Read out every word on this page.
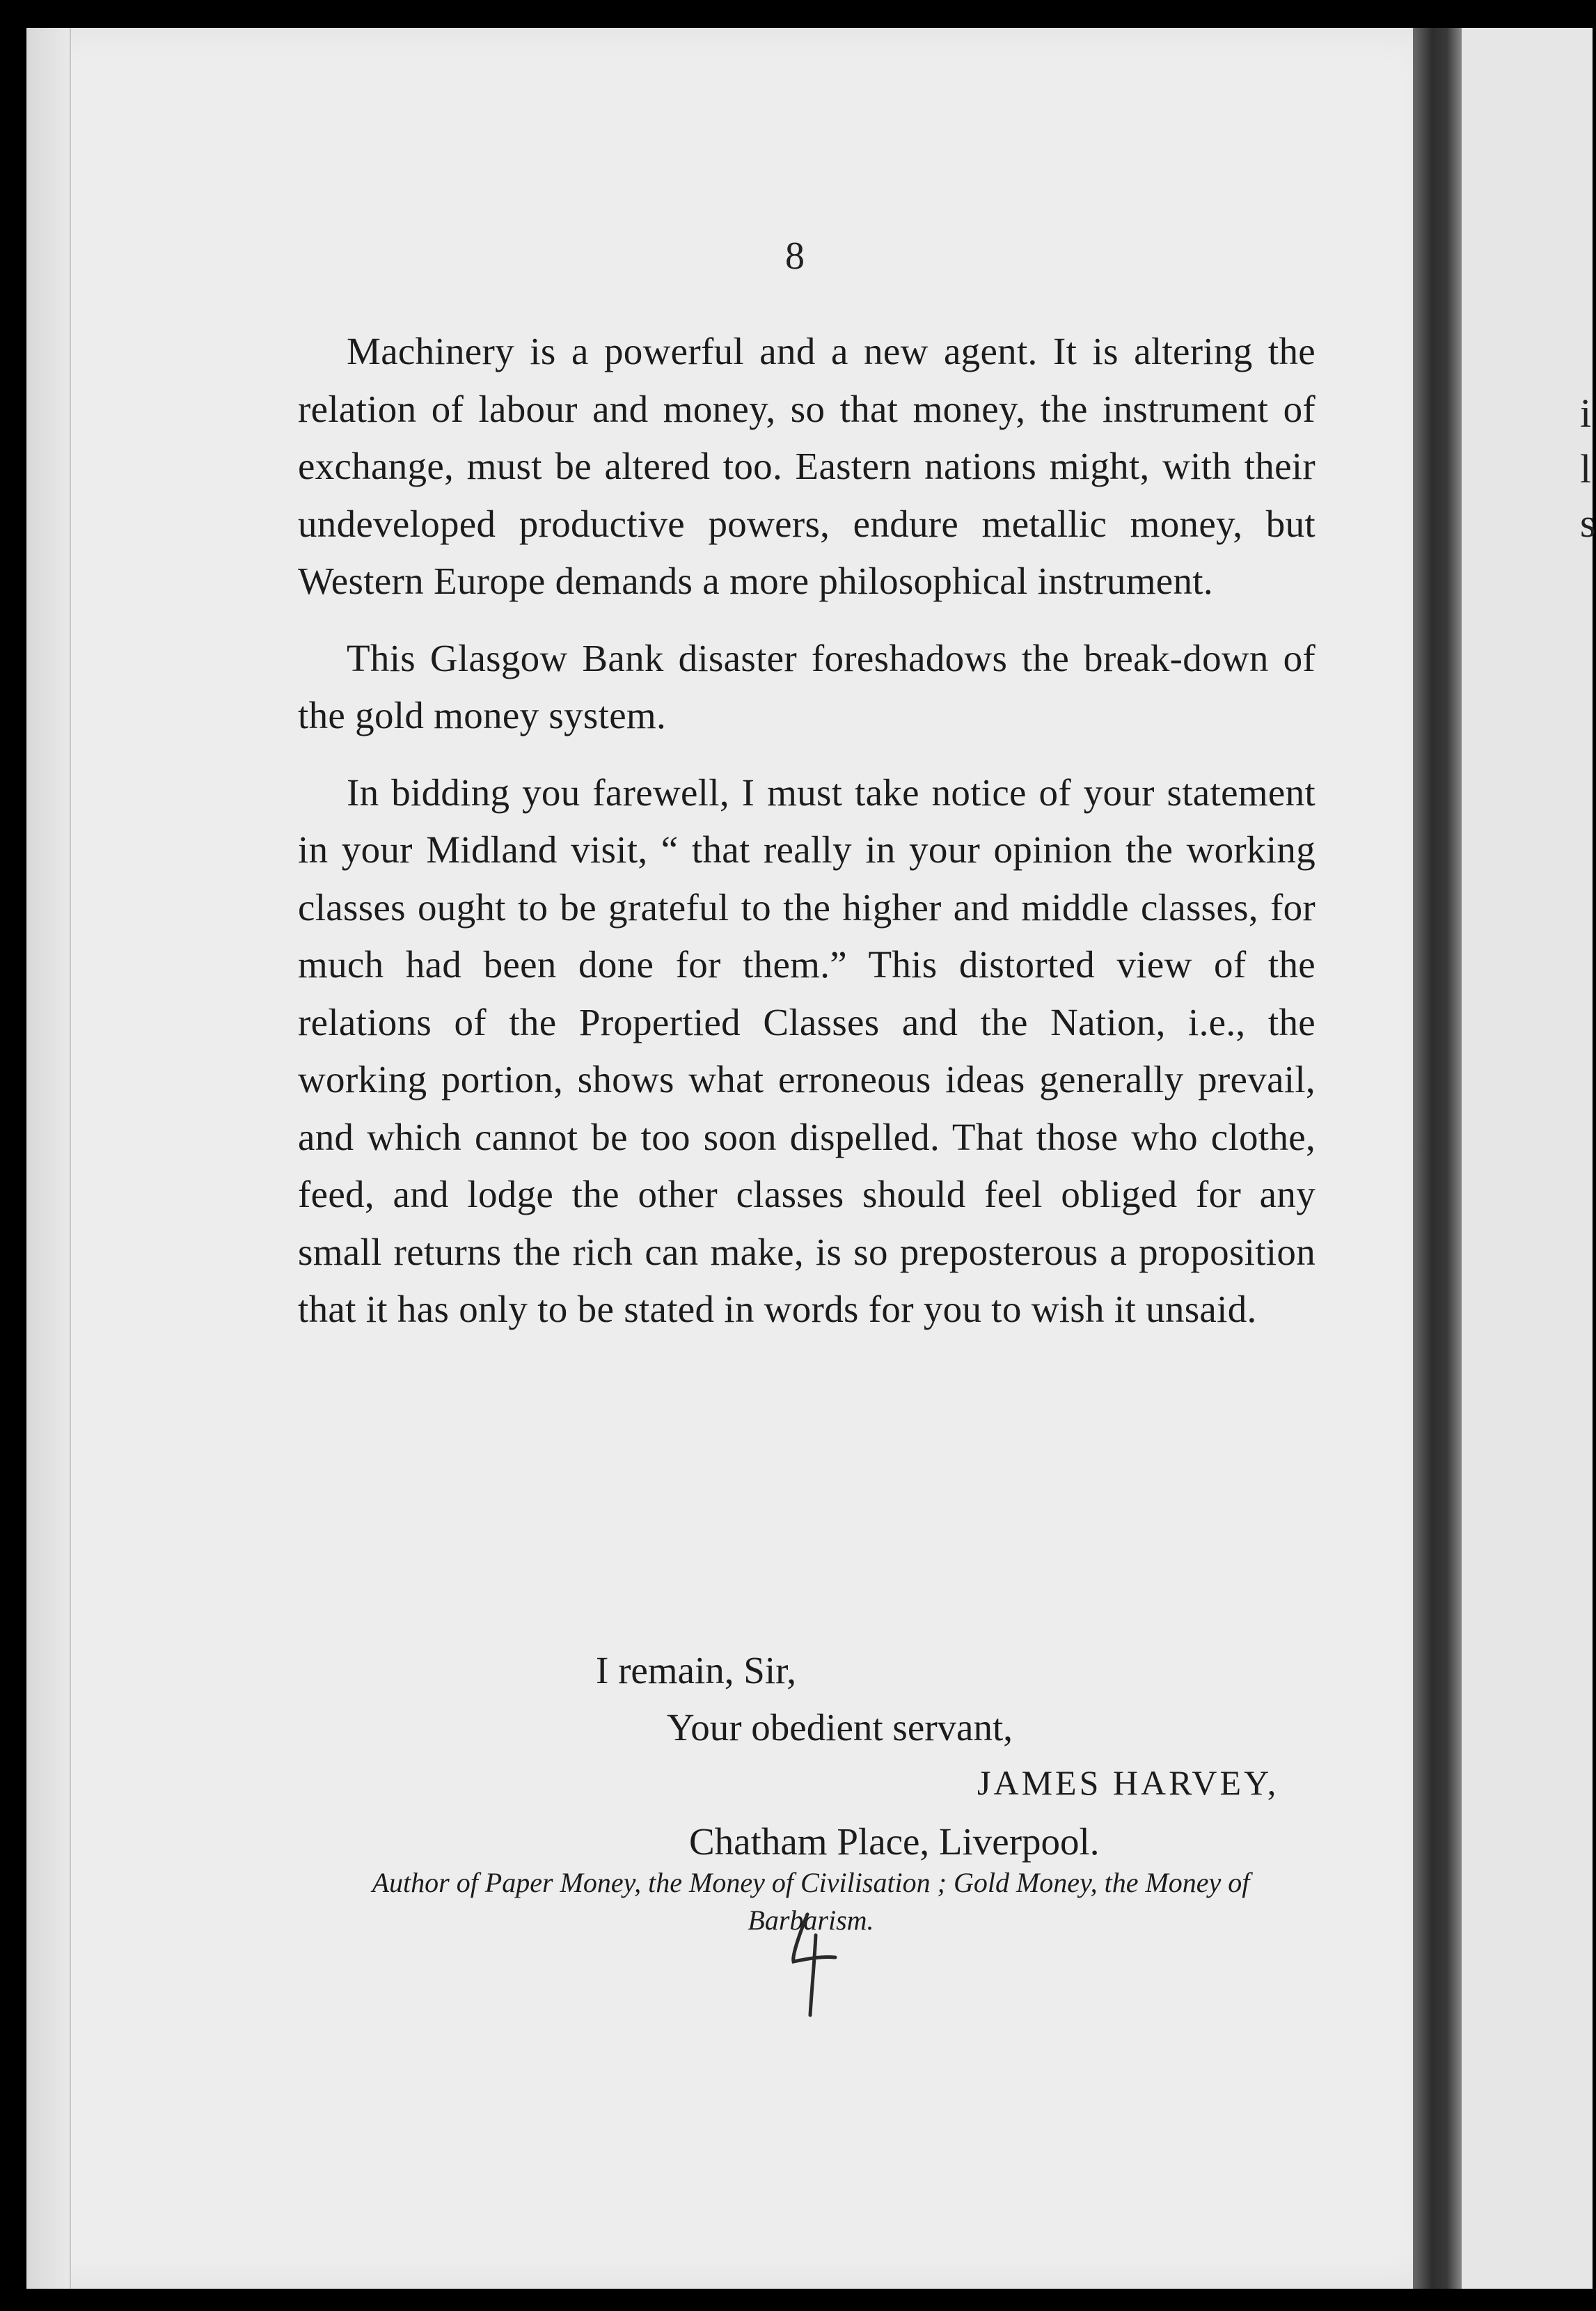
i
l
s
8

Machinery is a powerful and a new agent. It is altering the relation of labour and money, so that money, the instrument of exchange, must be altered too. Eastern nations might, with their undeveloped productive powers, endure metallic money, but Western Europe demands a more philosophical instrument.

This Glasgow Bank disaster foreshadows the break-down of the gold money system.

In bidding you farewell, I must take notice of your statement in your Midland visit, “ that really in your opinion the working classes ought to be grateful to the higher and middle classes, for much had been done for them.” This distorted view of the relations of the Propertied Classes and the Nation, i.e., the working portion, shows what erroneous ideas generally prevail, and which cannot be too soon dispelled. That those who clothe, feed, and lodge the other classes should feel obliged for any small returns the rich can make, is so preposterous a proposition that it has only to be stated in words for you to wish it unsaid.

I remain, Sir,
Your obedient servant,
JAMES HARVEY,
Chatham Place, Liverpool.
Author of Paper Money, the Money of Civilisation ; Gold Money, the Money of Barbarism.
